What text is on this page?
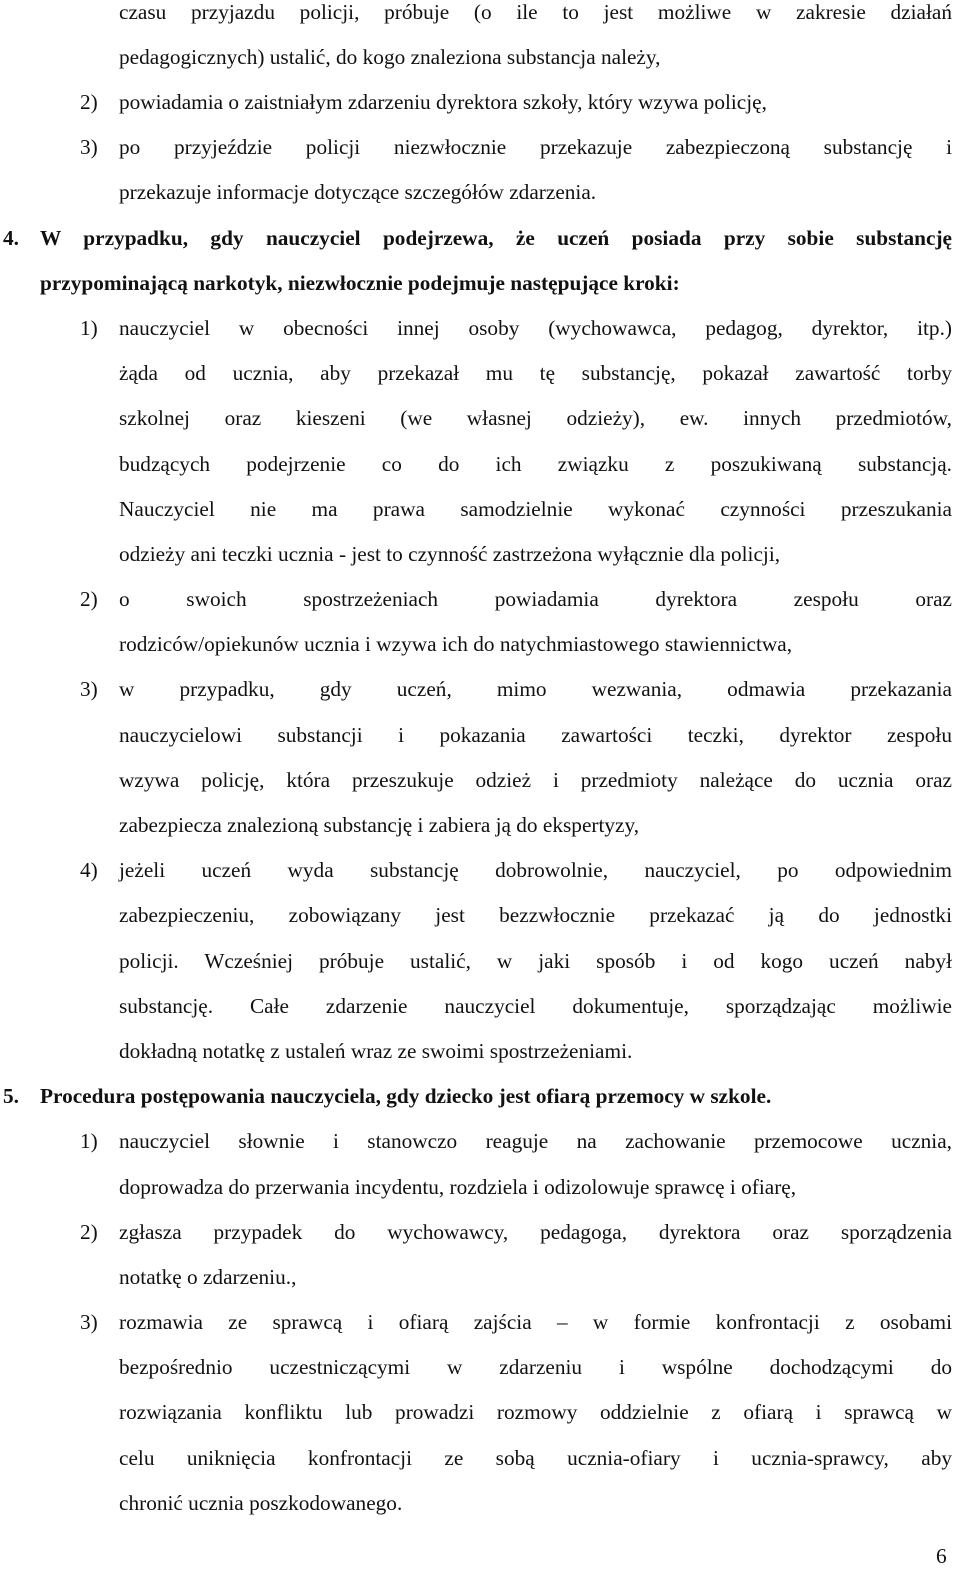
czasu przyjazdu policji, próbuje (o ile to jest możliwe w zakresie działań
pedagogicznych) ustalić, do kogo znaleziona substancja należy,
2) powiadamia o zaistniałym zdarzeniu dyrektora szkoły, który wzywa policję,
3) po przyjeździe policji niezwłocznie przekazuje zabezpieczoną substancję i
przekazuje informacje dotyczące szczegółów zdarzenia.
4. W przypadku, gdy nauczyciel podejrzewa, że uczeń posiada przy sobie substancję
przypominającą narkotyk, niezwłocznie podejmuje następujące kroki:
1) nauczyciel w obecności innej osoby (wychowawca, pedagog, dyrektor, itp.)
żąda od ucznia, aby przekazał mu tę substancję, pokazał zawartość torby
szkolnej oraz kieszeni (we własnej odzieży), ew. innych przedmiotów,
budzących podejrzenie co do ich związku z poszukiwaną substancją.
Nauczyciel nie ma prawa samodzielnie wykonać czynności przeszukania
odzieży ani teczki ucznia - jest to czynność zastrzeżona wyłącznie dla policji,
2) o swoich spostrzeżeniach powiadamia dyrektora zespołu oraz
rodziców/opiekunów ucznia i wzywa ich do natychmiastowego stawiennictwa,
3) w przypadku, gdy uczeń, mimo wezwania, odmawia przekazania
nauczycielowi substancji i pokazania zawartości teczki, dyrektor zespołu
wzywa policję, która przeszukuje odzież i przedmioty należące do ucznia oraz
zabezpiecza znalezioną substancję i zabiera ją do ekspertyzy,
4) jeżeli uczeń wyda substancję dobrowolnie, nauczyciel, po odpowiednim
zabezpieczeniu, zobowiązany jest bezzwłocznie przekazać ją do jednostki
policji. Wcześniej próbuje ustalić, w jaki sposób i od kogo uczeń nabył
substancję. Całe zdarzenie nauczyciel dokumentuje, sporządzając możliwie
dokładną notatkę z ustaleń wraz ze swoimi spostrzeżeniami.
5. Procedura postępowania nauczyciela, gdy dziecko jest ofiarą przemocy w szkole.
1) nauczyciel słownie i stanowczo reaguje na zachowanie przemocowe ucznia,
doprowadza do przerwania incydentu, rozdziela i odizolowuje sprawcę i ofiarę,
2) zgłasza przypadek do wychowawcy, pedagoga, dyrektora oraz sporządzenia
notatkę o zdarzeniu.,
3) rozmawia ze sprawcą i ofiarą zajścia – w formie konfrontacji z osobami
bezpośrednio uczestniczącymi w zdarzeniu i wspólne dochodzącymi do
rozwiązania konfliktu lub prowadzi rozmowy oddzielnie z ofiarą i sprawcą w
celu uniknięcia konfrontacji ze sobą ucznia-ofiary i ucznia-sprawcy, aby
chronić ucznia poszkodowanego.
6
